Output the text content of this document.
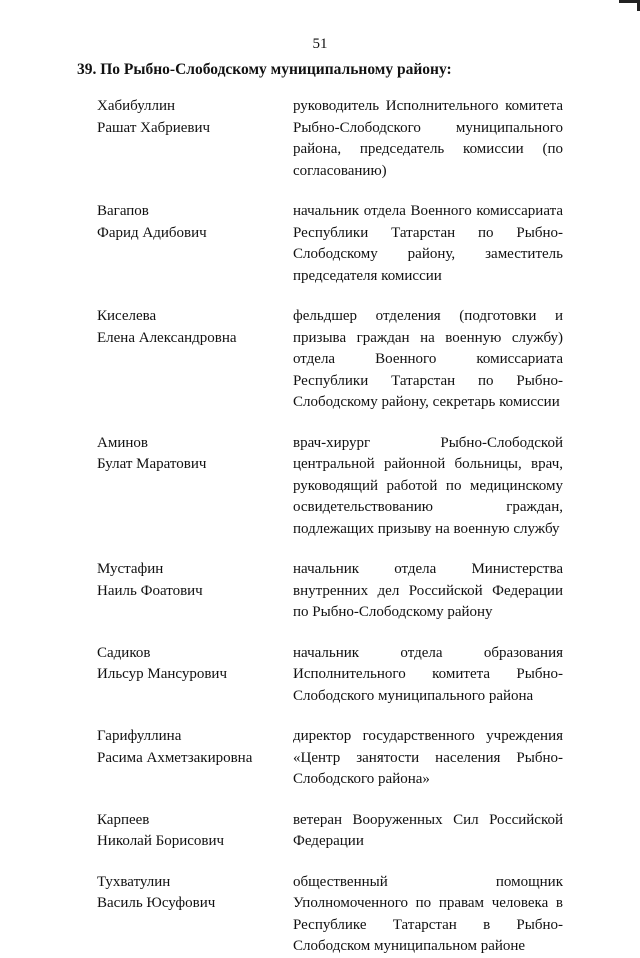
51
39. По Рыбно-Слободскому муниципальному району:
Хабибуллин
Рашат Хабриевич
руководитель Исполнительного комитета Рыбно-Слободского муниципального района, председатель комиссии (по согласованию)
Вагапов
Фарид Адибович
начальник отдела Военного комиссариата Республики Татарстан по Рыбно-Слободскому району, заместитель председателя комиссии
Киселева
Елена Александровна
фельдшер отделения (подготовки и призыва граждан на военную службу) отдела Военного комиссариата Республики Татарстан по Рыбно-Слободскому району, секретарь комиссии
Аминов
Булат Маратович
врач-хирург Рыбно-Слободской центральной районной больницы, врач, руководящий работой по медицинскому освидетельствованию граждан, подлежащих призыву на военную службу
Мустафин
Наиль Фоатович
начальник отдела Министерства внутренних дел Российской Федерации по Рыбно-Слободскому району
Садиков
Ильсур Мансурович
начальник отдела образования Исполнительного комитета Рыбно-Слободского муниципального района
Гарифуллина
Расима Ахметзакировна
директор государственного учреждения «Центр занятости населения Рыбно-Слободского района»
Карпеев
Николай Борисович
ветеран Вооруженных Сил Российской Федерации
Тухватулин
Василь Юсуфович
общественный помощник Уполномоченного по правам человека в Республике Татарстан в Рыбно-Слободском муниципальном районе
